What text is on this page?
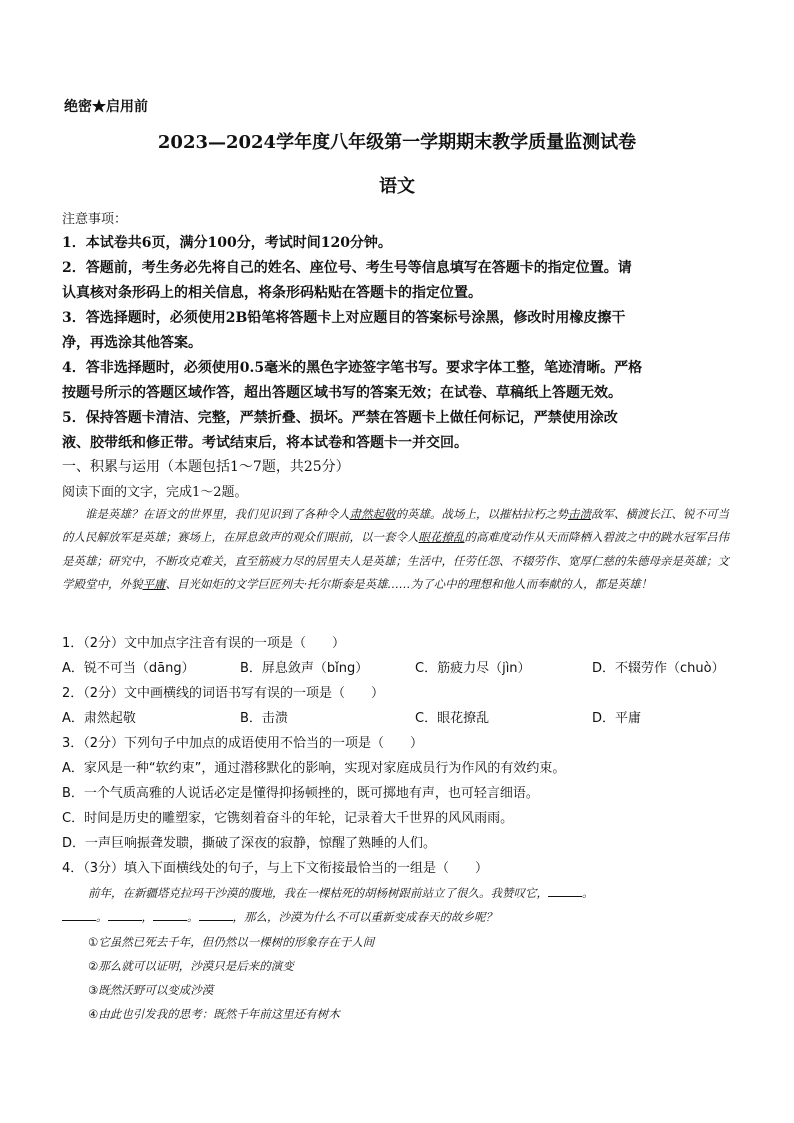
绝密★启用前
2023—2024学年度八年级第一学期期末教学质量监测试卷
语文
注意事项：
1．本试卷共6页，满分100分，考试时间120分钟。
2．答题前，考生务必先将自己的姓名、座位号、考生号等信息填写在答题卡的指定位置。请
认真核对条形码上的相关信息，将条形码粘贴在答题卡的指定位置。
3．答选择题时，必须使用2B铅笔将答题卡上对应题目的答案标号涂黑，修改时用橡皮擦干
净，再选涂其他答案。
4．答非选择题时，必须使用0.5毫米的黑色字迹签字笔书写。要求字体工整，笔迹清晰。严格
按题号所示的答题区域作答，超出答题区域书写的答案无效；在试卷、草稿纸上答题无效。
5．保持答题卡清洁、完整，严禁折叠、损坏。严禁在答题卡上做任何标记，严禁使用涂改
液、胶带纸和修正带。考试结束后，将本试卷和答题卡一并交回。
一、积累与运用（本题包括1～7题，共25分）
阅读下面的文字，完成1～2题。
谁是英雄？在语文的世界里，我们见识到了各种令人肃然起敬的英雄。战场上，以摧枯拉朽之势击溃敌军、横渡长江、锐不可当的人民解放军是英雄；赛场上，在屏息敛声的观众们眼前，以一套令人眼花撩乱的高难度动作从天而降栖入碧波之中的跳水冠军吕伟是英雄；研究中，不断攻克难关，直至筋疲力尽的居里夫人是英雄；生活中，任劳任怨、不辍劳作、宽厚仁慈的朱德母亲是英雄；文学殿堂中，外貌平庸、目光如炬的文学巨匠列夫·托尔斯泰是英雄……为了心中的理想和他人而奉献的人，都是英雄！
1．（2分）文中加点字注音有误的一项是（　　）
A．锐不可当（dāng）	B．屏息敛声（bǐng）	C．筋疲力尽（jìn）	D．不辍劳作（chuò）
2．（2分）文中画横线的词语书写有误的一项是（　　）
A．肃然起敬	B．击溃	C．眼花撩乱	D．平庸
3．（2分）下列句子中加点的成语使用不恰当的一项是（　　）
A．家风是一种“软约束”，通过潜移默化的影响，实现对家庭成员行为作风的有效约束。
B．一个气质高雅的人说话必定是懂得抑扬顿挫的，既可掷地有声，也可轻言细语。
C．时间是历史的雕塑家，它镌刻着奋斗的年轮，记录着大千世界的风风雨雨。
D．一声巨响振聋发聩，撕破了深夜的寂静，惊醒了熟睡的人们。
4．（3分）填入下面横线处的句子，与上下文衔接最恰当的一组是（　　）
前年，在新疆塔克拉玛干沙漠的腹地，我在一棵枯死的胡杨树跟前站立了很久。我赞叹它，	。
。	，	。	，那么，沙漠为什么不可以重新变成春天的故乡呢？
①它虽然已死去千年，但仍然以一棵树的形象存在于人间
②那么就可以证明，沙漠只是后来的演变
③既然沃野可以变成沙漠
④由此也引发我的思考：既然千年前这里还有树木
